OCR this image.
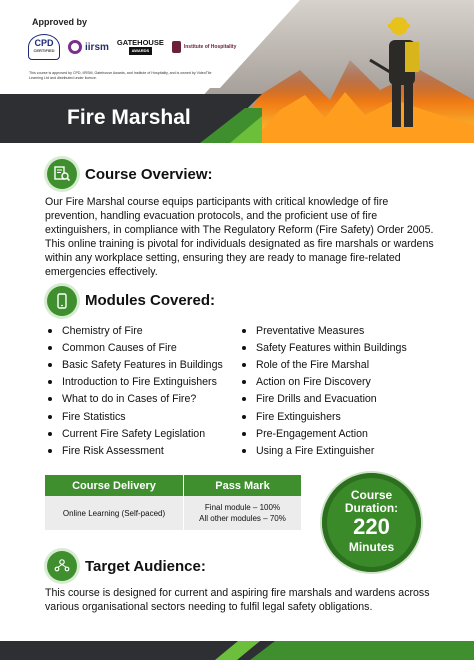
Approved by
CPD
CERTIFIED	iirsm GATEHOUSE
AWARDS
Institute of Hospitality
This course is approved by CPD, IIRSM, Gatehouse Awards, and Institute of Hospitality, and is owned by VideoTile Learning Ltd and distributed under licence.
Fire Marshal
Course Overview:
Our Fire Marshal course equips participants with critical knowledge of fire prevention, handling evacuation protocols, and the proficient use of fire extinguishers, in compliance with The Regulatory Reform (Fire Safety) Order 2005. This online training is pivotal for individuals designated as fire marshals or wardens within any workplace setting, ensuring they are ready to manage fire-related emergencies effectively.
Modules Covered:
Chemistry of Fire
Common Causes of Fire
Basic Safety Features in Buildings
Introduction to Fire Extinguishers
What to do in Cases of Fire?
Fire Statistics
Current Fire Safety Legislation
Fire Risk Assessment
Preventative Measures
Safety Features within Buildings
Role of the Fire Marshal
Action on Fire Discovery
Fire Drills and Evacuation
Fire Extinguishers
Pre-Engagement Action
Using a Fire Extinguisher
Course Delivery	Pass Mark
Online Learning (Self-paced)	Final module – 100%
All other modules – 70%
Course
Duration:
220
Minutes
Target Audience:
This course is designed for current and aspiring fire marshals and wardens across various organisational sectors needing to fulfil legal safety obligations.
